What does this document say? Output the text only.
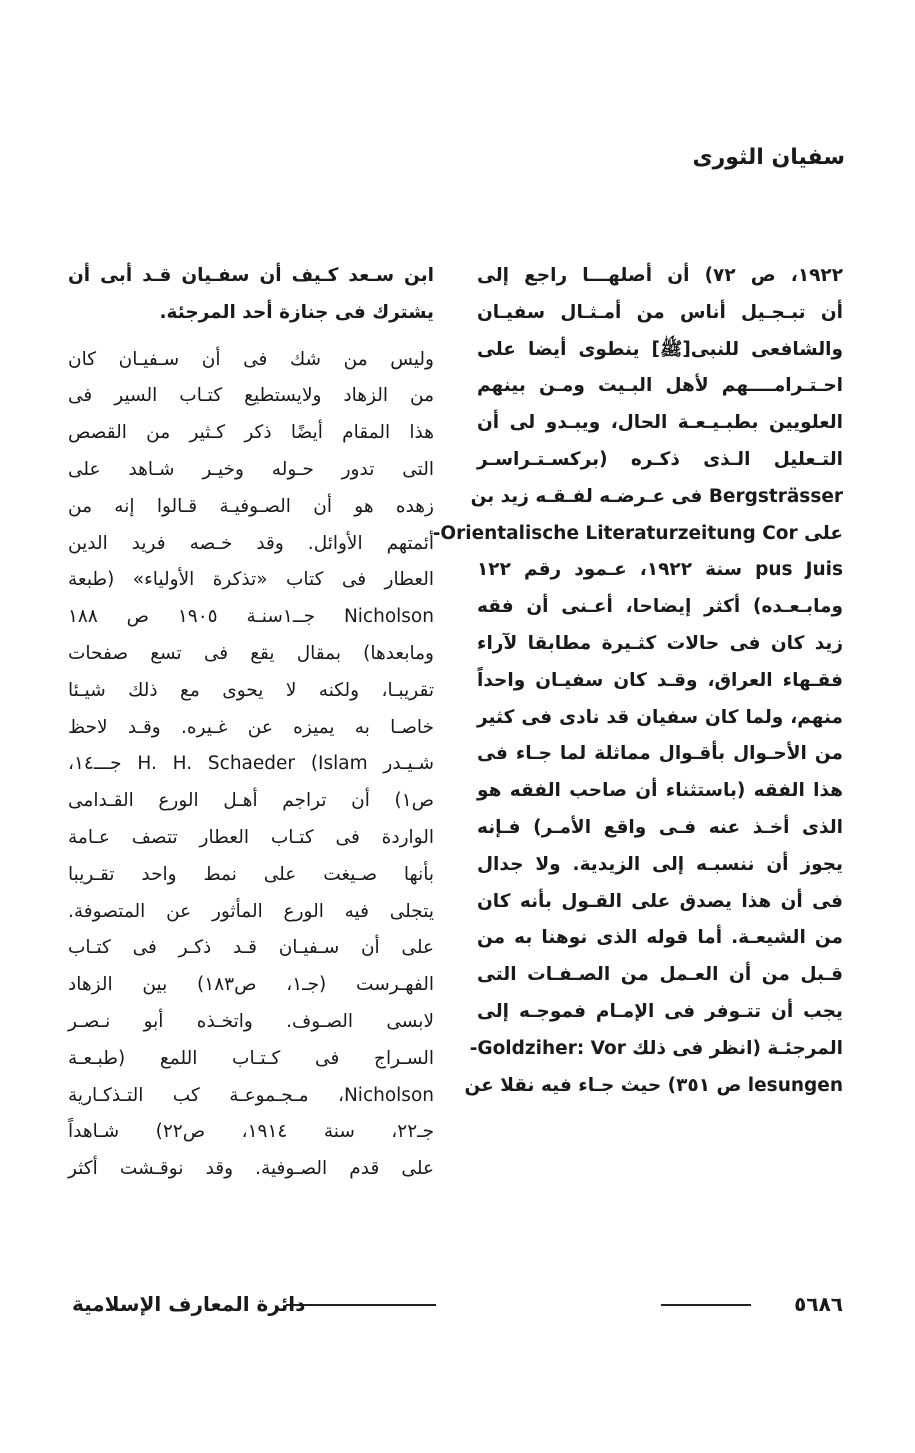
سفيان الثورى
١٩٢٢، ص ٧٢) أن أصلهـــا راجع إلى
أن تبـجـيل أناس من أمـثـال سفيـان
والشافعى للنبى[ﷺ] ينطوى أيضا على
احـتـرامــــهم لأهل البـيت ومـن بينهم
العلويين بطبـيـعـة الحال، ويبـدو لى أن
التـعليل الـذى ذكـره (بركسـتـراسـر
Bergsträsser فى عـرضـه لفـقـه زيد بن
على Orientalische Literaturzeitung Cor-
pus Juis سنة ١٩٢٢، عـمود رقم ١٢٢
ومابـعـده) أكثر إيضاحا، أعـنى أن فقه
زيد كان فى حالات كثـيرة مطابقا لآراء
فقـهاء العراق، وقـد كان سفيـان واحداً
منهم، ولما كان سفيان قد نادى فى كثير
من الأحـوال بأقـوال مماثلة لما جـاء فى
هذا الفقه (باستثناء أن صاحب الفقه هو
الذى أخـذ عنه فـى واقع الأمـر) فـإنه
يجوز أن ننسبـه إلى الزيدية. ولا جدال
فى أن هذا يصدق على القـول بأنه كان
من الشيعـة. أما قوله الذى نوهنا به من
قـبل من أن العـمل من الصـفـات التى
يجب أن تتـوفر فى الإمـام فموجـه إلى
المرجئـة (انظر فى ذلك Goldziher: Vor-
lesungen ص ٣٥١) حيث جـاء فيه نقلا عن
ابن سـعد كـيف أن سفـيان قـد أبى أن
يشترك فى جنازة أحد المرجئة.
وليس من شك فى أن سـفيـان كان
من الزهاد ولايستطيع كتـاب السير فى
هذا المقام أيضًا ذكر كـثير من القصص
التى تدور حـوله وخيـر شـاهد على
زهده هو أن الصـوفيـة قـالوا إنه من
أئمتهم الأوائل. وقد خـصه فريد الدين
العطار فى كتاب «تذكرة الأولياء» (طبعة
Nicholson جــ١سنـة ١٩٠٥ ص ١٨٨
ومابعدها) بمقال يقع فى تسع صفحات
تقريبـا، ولكنه لا يحوى مع ذلك شيـئا
خاصـا به يميزه عن غـيره. وقـد لاحظ
شـيـدر H. H. Schaeder (Islam جـــ١٤،
ص١) أن تراجم أهـل الورع القـدامى
الواردة فى كتـاب العطار تتصف عـامة
بأنها صـيغت على نمط واحد تقـريبا
يتجلى فيه الورع المأثور عن المتصوفة.
على أن سـفيـان قـد ذكـر فى كتـاب
الفهـرست (جـ١، ص١٨٣) بين الزهاد
لابسى الصـوف. واتخـذه أبو نـصـر
السـراج فى كـتـاب اللمع (طبـعـة
Nicholson، مـجـموعـة كب التـذكـارية
جـ٢٢، سنة ١٩١٤، ص٢٢) شـاهداً
على قدم الصـوفية. وقد نوقـشت أكثر
٥٦٨٦
دائرة المعارف الإسلامية
